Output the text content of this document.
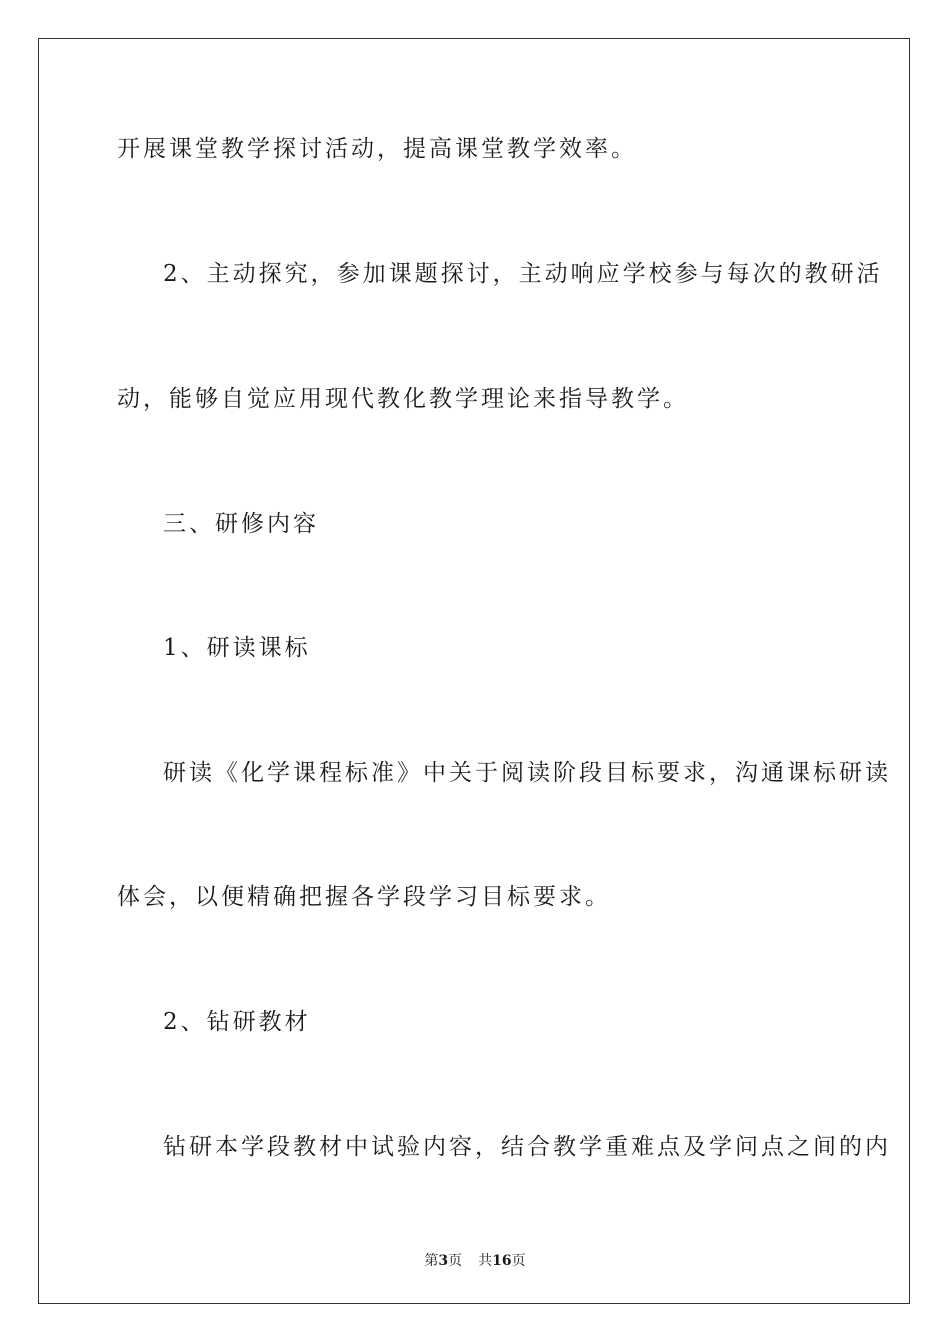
开展课堂教学探讨活动，提高课堂教学效率。
2、主动探究，参加课题探讨，主动响应学校参与每次的教研活
动，能够自觉应用现代教化教学理论来指导教学。
三、研修内容
1、研读课标
研读《化学课程标准》中关于阅读阶段目标要求，沟通课标研读
体会，以便精确把握各学段学习目标要求。
2、钻研教材
钻研本学段教材中试验内容，结合教学重难点及学问点之间的内
第3页 共16页
